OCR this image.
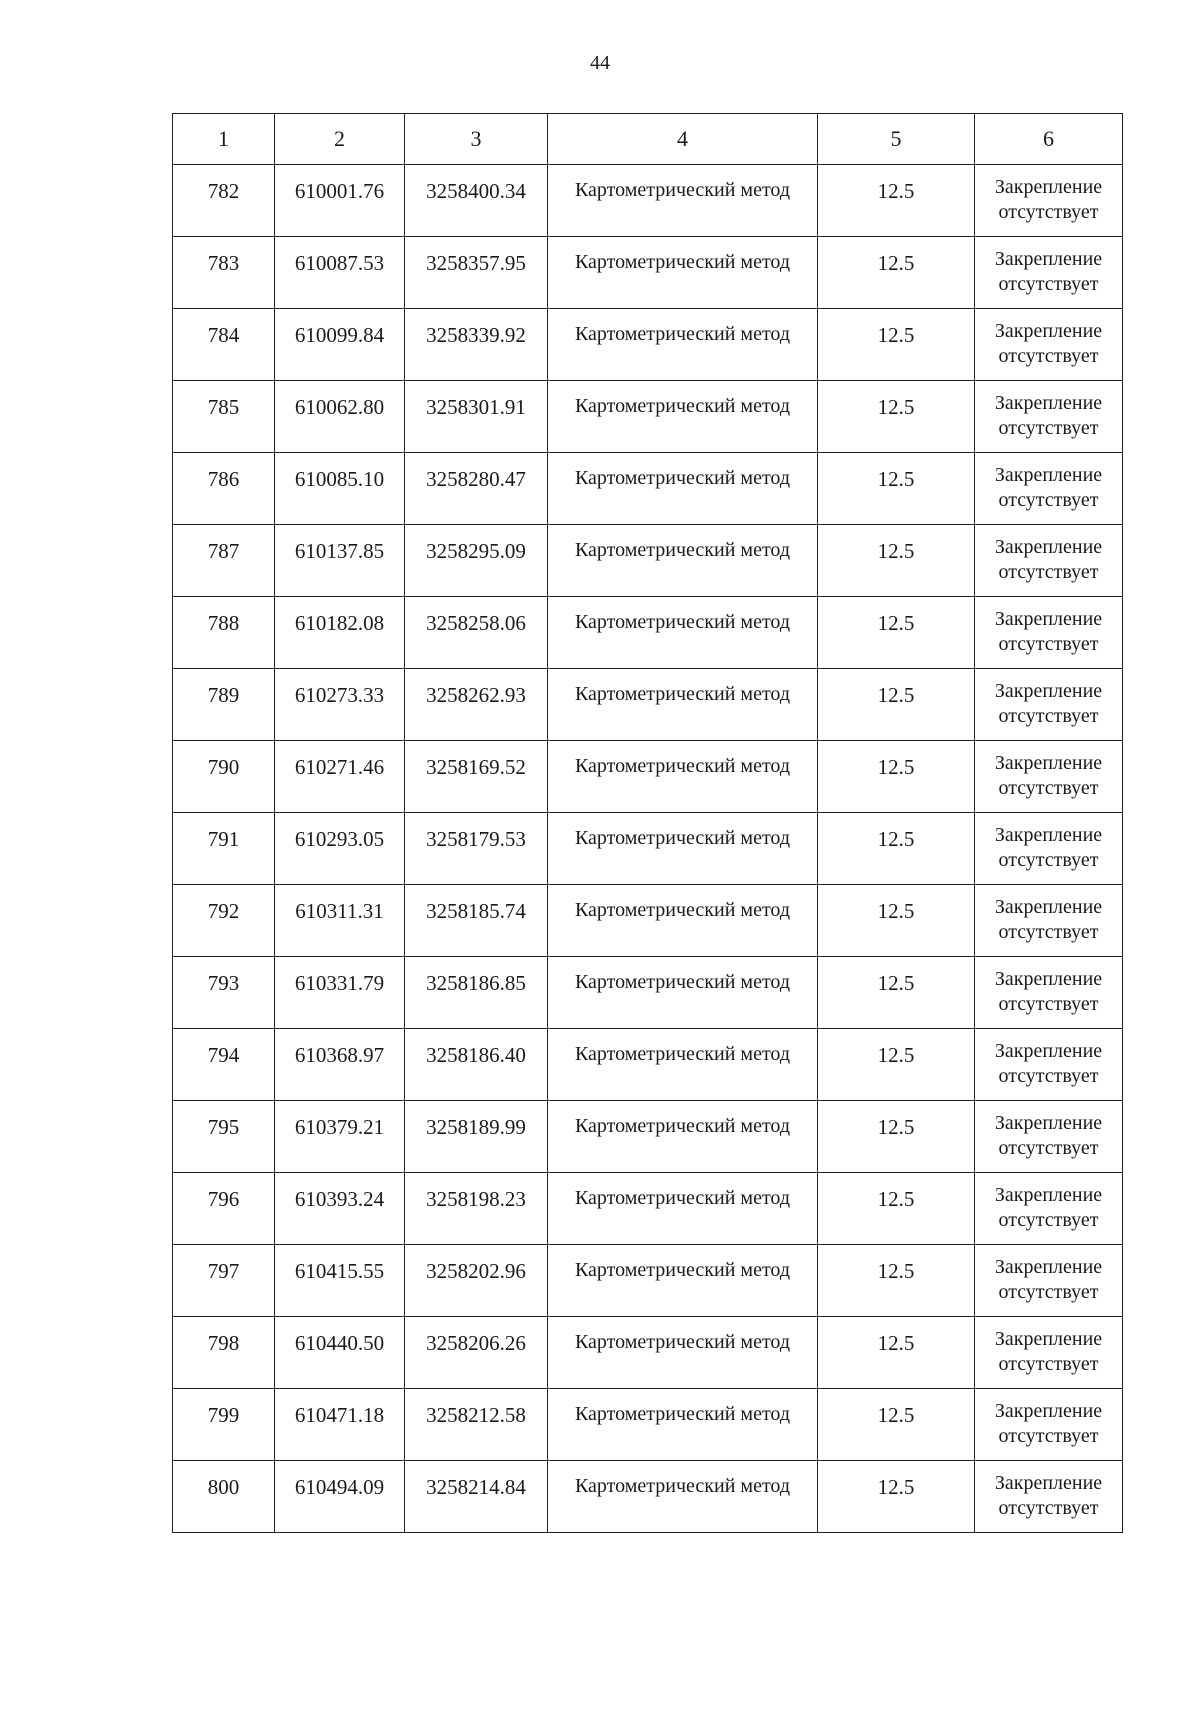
44
1	2	3	4	5	6
782	610001.76	3258400.34	Картометрический метод	12.5	Закрепление отсутствует
783	610087.53	3258357.95	Картометрический метод	12.5	Закрепление отсутствует
784	610099.84	3258339.92	Картометрический метод	12.5	Закрепление отсутствует
785	610062.80	3258301.91	Картометрический метод	12.5	Закрепление отсутствует
786	610085.10	3258280.47	Картометрический метод	12.5	Закрепление отсутствует
787	610137.85	3258295.09	Картометрический метод	12.5	Закрепление отсутствует
788	610182.08	3258258.06	Картометрический метод	12.5	Закрепление отсутствует
789	610273.33	3258262.93	Картометрический метод	12.5	Закрепление отсутствует
790	610271.46	3258169.52	Картометрический метод	12.5	Закрепление отсутствует
791	610293.05	3258179.53	Картометрический метод	12.5	Закрепление отсутствует
792	610311.31	3258185.74	Картометрический метод	12.5	Закрепление отсутствует
793	610331.79	3258186.85	Картометрический метод	12.5	Закрепление отсутствует
794	610368.97	3258186.40	Картометрический метод	12.5	Закрепление отсутствует
795	610379.21	3258189.99	Картометрический метод	12.5	Закрепление отсутствует
796	610393.24	3258198.23	Картометрический метод	12.5	Закрепление отсутствует
797	610415.55	3258202.96	Картометрический метод	12.5	Закрепление отсутствует
798	610440.50	3258206.26	Картометрический метод	12.5	Закрепление отсутствует
799	610471.18	3258212.58	Картометрический метод	12.5	Закрепление отсутствует
800	610494.09	3258214.84	Картометрический метод	12.5	Закрепление отсутствует
